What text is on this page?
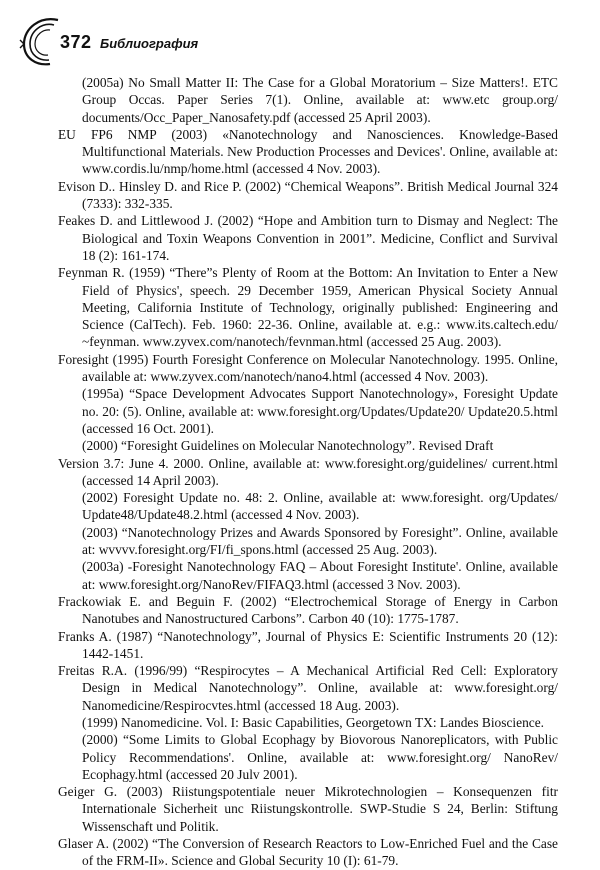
372 Библиография

(2005a) No Small Matter II: The Case for a Global Moratorium – Size Matters!. ETC Group Occas. Paper Series 7(1). Online, available at: www.etc group.org/ documents/Occ_Paper_Nanosafety.pdf (accessed 25 April 2003).

EU FP6 NMP (2003) «Nanotechnology and Nanosciences. Knowledge-Based Multifunctional Materials. New Production Processes and Devices'. Online, available at: www.cordis.lu/nmp/home.html (accessed 4 Nov. 2003).

Evison D.. Hinsley D. and Rice P. (2002) “Chemical Weapons”. British Medical Journal 324 (7333): 332-335.

Feakes D. and Littlewood J. (2002) “Hope and Ambition turn to Dismay and Neglect: The Biological and Toxin Weapons Convention in 2001”. Medicine, Conflict and Survival 18 (2): 161-174.

Feynman R. (1959) “There”s Plenty of Room at the Bottom: An Invitation to Enter a New Field of Physics', speech. 29 December 1959, American Physical Society Annual Meeting, California Institute of Technology, originally published: Engineering and Science (CalTech). Feb. 1960: 22-36. Online, available at. e.g.: www.its.caltech.edu/ ~feynman. www.zyvex.com/nanotech/fevnman.html (accessed 25 Aug. 2003).

Foresight (1995) Fourth Foresight Conference on Molecular Nanotechnology. 1995. Online, available at: www.zyvex.com/nanotech/nano4.html (accessed 4 Nov. 2003).

(1995a) “Space Development Advocates Support Nanotechnology», Foresight Update no. 20: (5). Online, available at: www.foresight.org/Updates/Update20/ Update20.5.html (accessed 16 Oct. 2001).

(2000) “Foresight Guidelines on Molecular Nanotechnology”. Revised Draft

Version 3.7: June 4. 2000. Online, available at: www.foresight.org/guidelines/ current.html (accessed 14 April 2003).

(2002) Foresight Update no. 48: 2. Online, available at: www.foresight. org/Updates/ Update48/Update48.2.html (accessed 4 Nov. 2003).

(2003) “Nanotechnology Prizes and Awards Sponsored by Foresight”. Online, available at: wvvvv.foresight.org/FI/fi_spons.html (accessed 25 Aug. 2003).

(2003a) -Foresight Nanotechnology FAQ – About Foresight Institute'. Online, available at: www.foresight.org/NanoRev/FIFAQ3.html (accessed 3 Nov. 2003).

Frackowiak E. and Beguin F. (2002) “Electrochemical Storage of Energy in Carbon Nanotubes and Nanostructured Carbons”. Carbon 40 (10): 1775-1787.

Franks A. (1987) “Nanotechnology”, Journal of Physics E: Scientific Instruments 20 (12): 1442-1451.

Freitas R.A. (1996/99) “Respirocytes – A Mechanical Artificial Red Cell: Exploratory Design in Medical Nanotechnology”. Online, available at: www.foresight.org/ Nanomedicine/Respirocvtes.html (accessed 18 Aug. 2003).

(1999) Nanomedicine. Vol. I: Basic Capabilities, Georgetown TX: Landes Bioscience.

(2000) “Some Limits to Global Ecophagy by Biovorous Nanoreplicators, with Public Policy Recommendations'. Online, available at: www.foresight.org/ NanoRev/ Ecophagy.html (accessed 20 Julv 2001).

Geiger G. (2003) Riistungspotentiale neuer Mikrotechnologien – Konsequenzen fitr Internationale Sicherheit unc Riistungskontrolle. SWP-Studie S 24, Berlin: Stiftung Wissenschaft und Politik.

Glaser A. (2002) “The Conversion of Research Reactors to Low-Enriched Fuel and the Case of the FRM-II». Science and Global Security 10 (I): 61-79.
